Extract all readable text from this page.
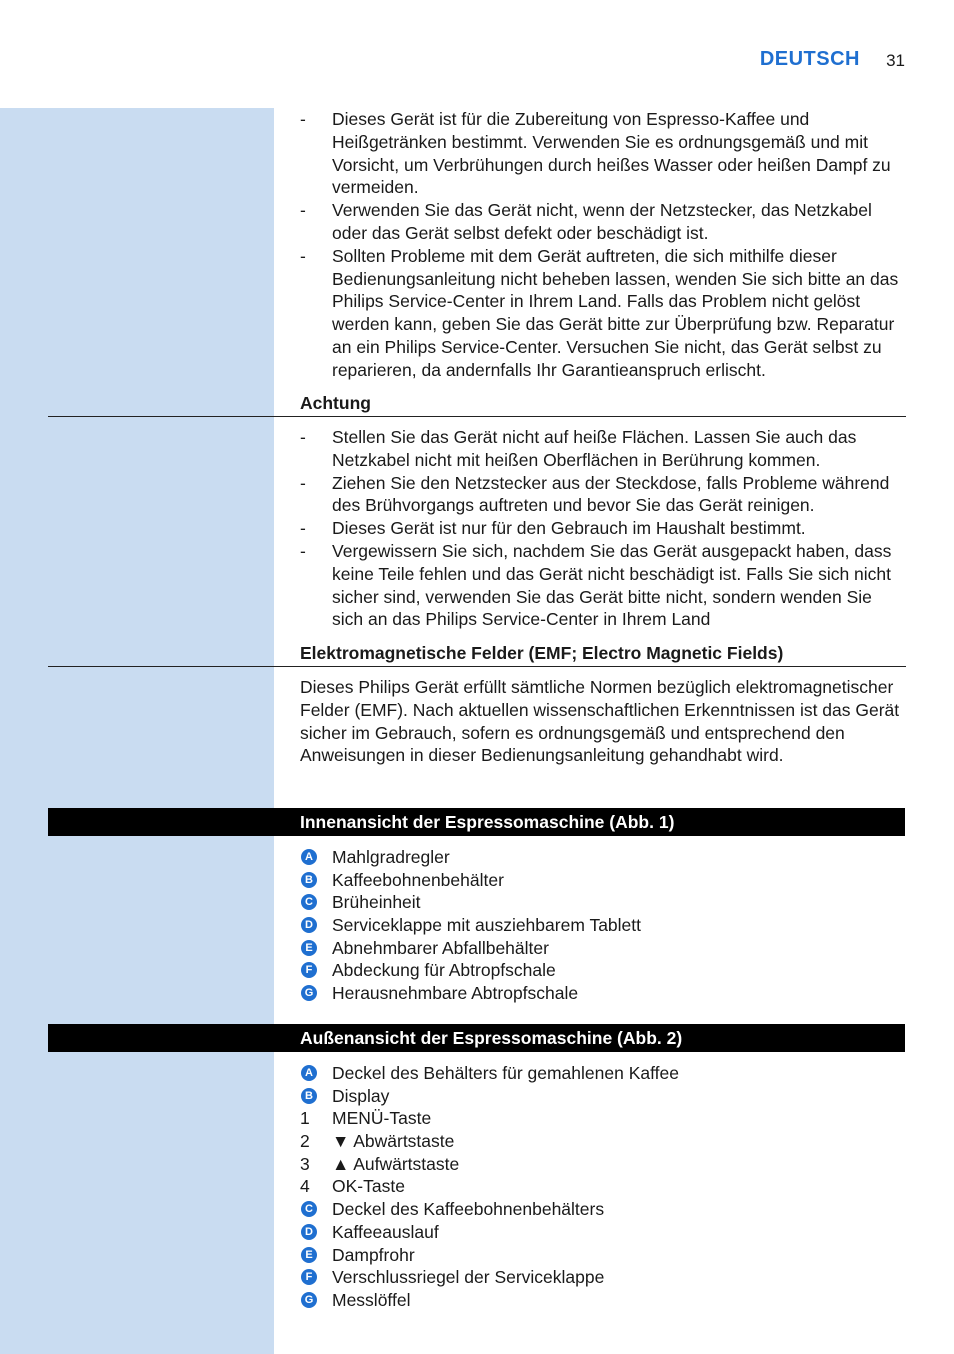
DEUTSCH 31
- Dieses Gerät ist für die Zubereitung von Espresso-Kaffee und Heißgetränken bestimmt. Verwenden Sie es ordnungsgemäß und mit Vorsicht, um Verbrühungen durch heißes Wasser oder heißen Dampf zu vermeiden.
- Verwenden Sie das Gerät nicht, wenn der Netzstecker, das Netzkabel oder das Gerät selbst defekt oder beschädigt ist.
- Sollten Probleme mit dem Gerät auftreten, die sich mithilfe dieser Bedienungsanleitung nicht beheben lassen, wenden Sie sich bitte an das Philips Service-Center in Ihrem Land. Falls das Problem nicht gelöst werden kann, geben Sie das Gerät bitte zur Überprüfung bzw. Reparatur an ein Philips Service-Center. Versuchen Sie nicht, das Gerät selbst zu reparieren, da andernfalls Ihr Garantieanspruch erlischt.
Achtung
- Stellen Sie das Gerät nicht auf heiße Flächen. Lassen Sie auch das Netzkabel nicht mit heißen Oberflächen in Berührung kommen.
- Ziehen Sie den Netzstecker aus der Steckdose, falls Probleme während des Brühvorgangs auftreten und bevor Sie das Gerät reinigen.
- Dieses Gerät ist nur für den Gebrauch im Haushalt bestimmt.
- Vergewissern Sie sich, nachdem Sie das Gerät ausgepackt haben, dass keine Teile fehlen und das Gerät nicht beschädigt ist. Falls Sie sich nicht sicher sind, verwenden Sie das Gerät bitte nicht, sondern wenden Sie sich an das Philips Service-Center in Ihrem Land
Elektromagnetische Felder (EMF; Electro Magnetic Fields)
Dieses Philips Gerät erfüllt sämtliche Normen bezüglich elektromagnetischer Felder (EMF). Nach aktuellen wissenschaftlichen Erkenntnissen ist das Gerät sicher im Gebrauch, sofern es ordnungsgemäß und entsprechend den Anweisungen in dieser Bedienungsanleitung gehandhabt wird.
Innenansicht der Espressomaschine (Abb. 1)
A Mahlgradregler
B Kaffeebohnenbehälter
C Brüheinheit
D Serviceklappe mit ausziehbarem Tablett
E Abnehmbarer Abfallbehälter
F Abdeckung für Abtropfschale
G Herausnehmbare Abtropfschale
Außenansicht der Espressomaschine (Abb. 2)
A Deckel des Behälters für gemahlenen Kaffee
B Display
1 MENÜ-Taste
2 ▼ Abwärtstaste
3 ▲ Aufwärtstaste
4 OK-Taste
C Deckel des Kaffeebohnenbehälters
D Kaffeeauslauf
E Dampfrohr
F Verschlussriegel der Serviceklappe
G Messlöffel
